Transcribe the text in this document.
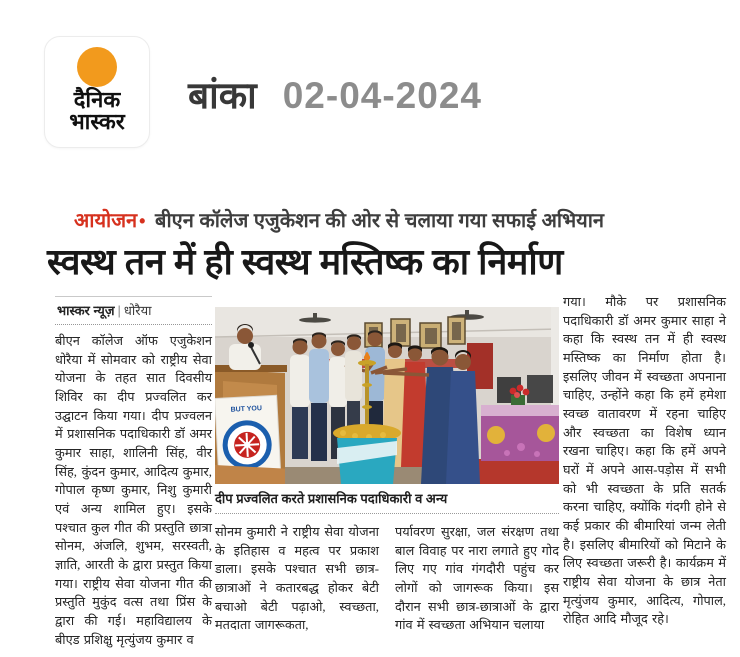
दैनिक
भास्कर
बांका 02-04-2024
आयोजन • बीएन कॉलेज एजुकेशन की ओर से चलाया गया सफाई अभियान
स्वस्थ तन में ही स्वस्थ मस्तिष्क का निर्माण
भास्कर न्यूज़ | धोरैया

बीएन कॉलेज ऑफ एजुकेशन धोरैया में सोमवार को राष्ट्रीय सेवा योजना के तहत सात दिवसीय शिविर का दीप प्रज्वलित कर उद्घाटन किया गया। दीप प्रज्वलन में प्रशासनिक पदाधिकारी डॉ अमर कुमार साहा, शालिनी सिंह, वीर सिंह, कुंदन कुमार, आदित्य कुमार, गोपाल कृष्ण कुमार, निशु कुमारी एवं अन्य शामिल हुए। इसके पश्चात कुल गीत की प्रस्तुति छात्रा सोनम, अंजलि, शुभम, सरस्वती, ज्ञाति, आरती के द्वारा प्रस्तुत किया गया। राष्ट्रीय सेवा योजना गीत की प्रस्तुति मुकुंद वत्स तथा प्रिंस के द्वारा की गई। महाविद्यालय के बीएड प्रशिक्षु मृत्युंजय कुमार व

BUT YOU
दीप प्रज्वलित करते प्रशासनिक पदाधिकारी व अन्य

सोनम कुमारी ने राष्ट्रीय सेवा योजना के इतिहास व महत्व पर प्रकाश डाला। इसके पश्चात सभी छात्र-छात्राओं ने कतारबद्ध होकर बेटी बचाओ बेटी पढ़ाओ, स्वच्छता, मतदाता जागरूकता,

पर्यावरण सुरक्षा, जल संरक्षण तथा बाल विवाह पर नारा लगाते हुए गोद लिए गए गांव गंगदौरी पहुंच कर लोगों को जागरूक किया। इस दौरान सभी छात्र-छात्राओं के द्वारा गांव में स्वच्छता अभियान चलाया

गया। मौके पर प्रशासनिक पदाधिकारी डॉ अमर कुमार साहा ने कहा कि स्वस्थ तन में ही स्वस्थ मस्तिष्क का निर्माण होता है। इसलिए जीवन में स्वच्छता अपनाना चाहिए, उन्होंने कहा कि हमें हमेशा स्वच्छ वातावरण में रहना चाहिए और स्वच्छता का विशेष ध्यान रखना चाहिए। कहा कि हमें अपने घरों में अपने आस-पड़ोस में सभी को भी स्वच्छता के प्रति सतर्क करना चाहिए, क्योंकि गंदगी होने से कई प्रकार की बीमारियां जन्म लेती है। इसलिए बीमारियों को मिटाने के लिए स्वच्छता जरूरी है। कार्यक्रम में राष्ट्रीय सेवा योजना के छात्र नेता मृत्युंजय कुमार, आदित्य, गोपाल, रोहित आदि मौजूद रहे।
